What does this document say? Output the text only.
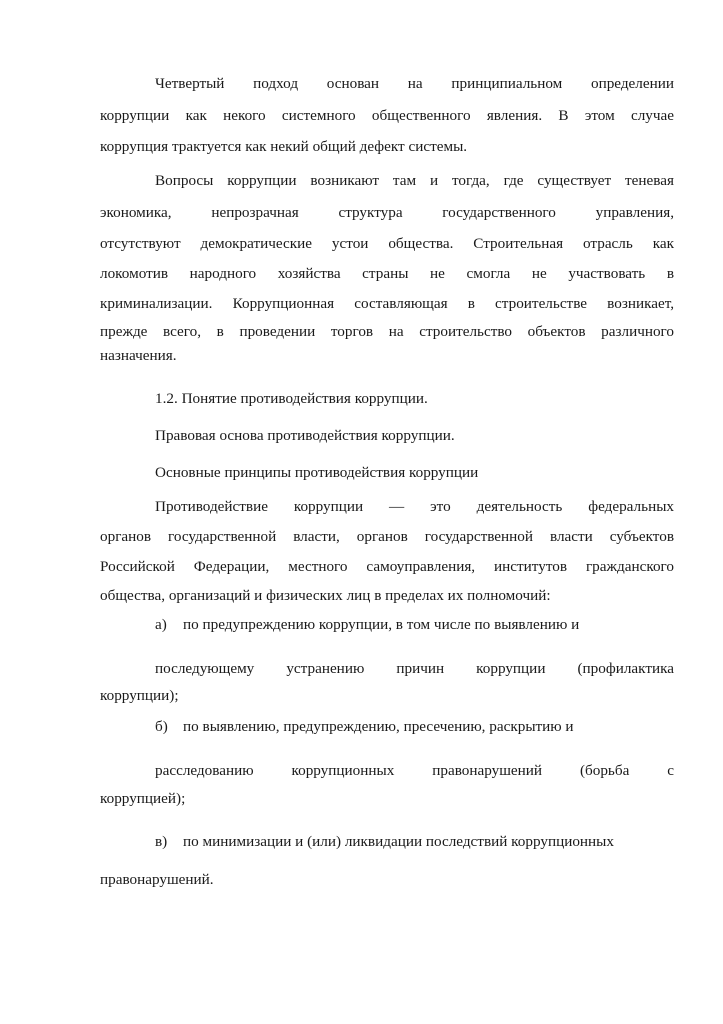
Четвертый подход основан на принципиальном определении
коррупции как некого системного общественного явления. В этом случае
коррупция трактуется как некий общий дефект системы.
Вопросы коррупции возникают там и тогда, где существует теневая
экономика, непрозрачная структура государственного управления,
отсутствуют демократические устои общества. Строительная отрасль как
локомотив народного хозяйства страны не смогла не участвовать в
криминализации. Коррупционная составляющая в строительстве возникает,
прежде всего, в проведении торгов на строительство объектов различного
назначения.
1.2. Понятие противодействия коррупции.
Правовая основа противодействия коррупции.
Основные принципы противодействия коррупции
Противодействие коррупции — это деятельность федеральных
органов государственной власти, органов государственной власти субъектов
Российской Федерации, местного самоуправления, институтов гражданского
общества, организаций и физических лиц в пределах их полномочий:
а) по предупреждению коррупции, в том числе по выявлению и
последующему устранению причин коррупции (профилактика
коррупции);
б) по выявлению, предупреждению, пресечению, раскрытию и
расследованию коррупционных правонарушений (борьба с
коррупцией);
в) по минимизации и (или) ликвидации последствий коррупционных
правонарушений.
